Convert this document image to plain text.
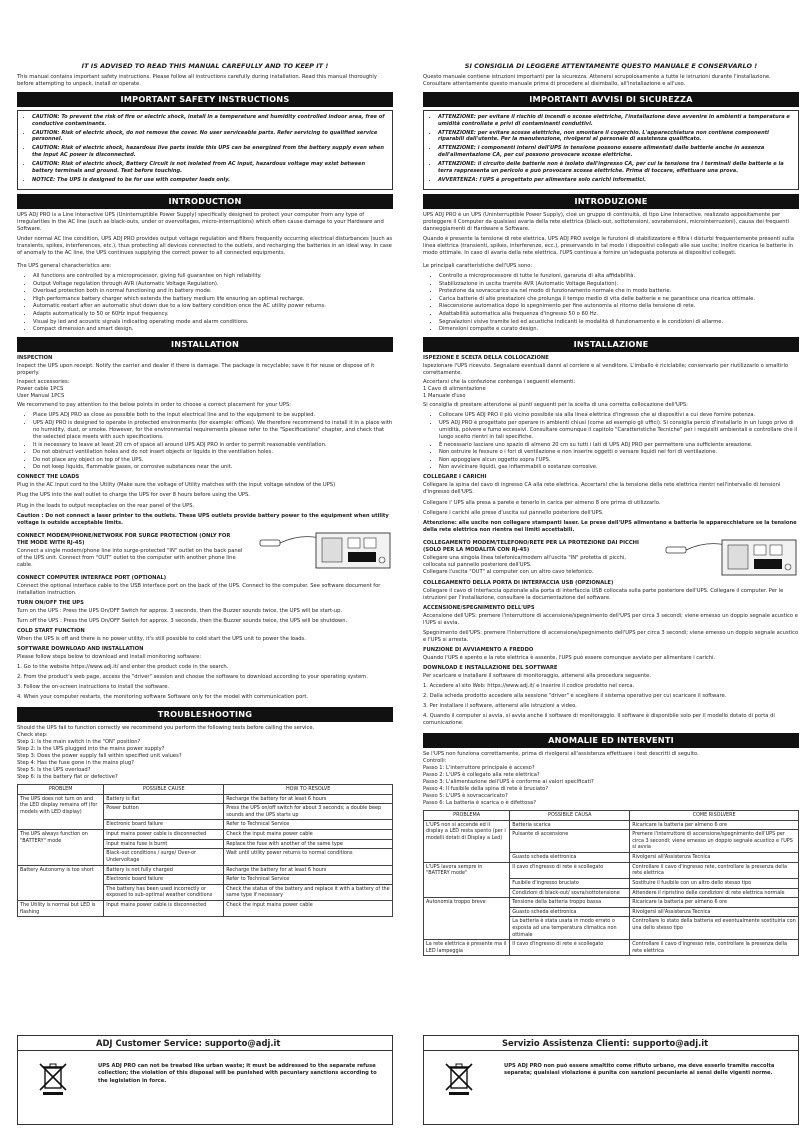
IT IS ADVISED TO READ THIS MANUAL CAREFULLY AND TO KEEP IT !
This manual contains important safety instructions. Please follow all instructions carefully during installation. Read this manual thoroughly before attempting to unpack, install or operate.
IMPORTANT SAFETY INSTRUCTIONS
• CAUTION: To prevent the risk of fire or electric shock, install in a temperature and humidity controlled indoor area, free of conductive contaminants.
• CAUTION: Risk of electric shock, do not remove the cover. No user serviceable parts. Refer servicing to qualified service personnel.
• CAUTION: Risk of electric shock, hazardous live parts inside this UPS can be energized from the battery supply even when the input AC power is disconnected.
• CAUTION: Risk of electric shock, Battery Circuit is not isolated from AC input, hazardous voltage may exist between battery terminals and ground. Test before touching.
• NOTICE: The UPS is designed to be for use with computer loads only.
INTRODUCTION
UPS ADJ PRO is a Line Interactive UPS (Uninterruptible Power Supply) specifically designed to protect your computer from any type of irregularities in the AC line (such as black-outs, under or overvoltages, micro-interruptions) which often cause damage to your Hardware and Software.
Under normal AC line condition, UPS ADJ PRO provides output voltage regulation and filters frequently occurring electrical disturbances (such as transients, spikes, interferences, etc.), thus protecting all devices connected to the outlets, and recharging the batteries in an ideal way. In case of anomaly to the AC line, the UPS continues supplying the correct power to all connected equipments.
The UPS general characteristics are:
• All functions are controlled by a microprocessor, giving full guarantee on high reliability.
• Output Voltage regulation through AVR (Automatic Voltage Regulation).
• Overload protection both in normal functioning and in battery mode.
• High performance battery charger which extends the battery medium life ensuring an optimal recharge.
• Automatic restart after an automatic shut down due to a low battery condition once the AC utility power returns.
• Adapts automatically to 50 or 60Hz input frequency.
• Visual by led and acoustic signals indicating operating mode and alarm conditions.
• Compact dimension and smart design.
INSTALLATION
INSPECTION
Inspect the UPS upon receipt. Notify the carrier and dealer if there is damage. The package is recyclable; save it for reuse or dispose of it properly.
Inspect accessories:
Power cable 1PCS
User Manual 1PCS
We recommend to pay attention to the below points in order to choose a correct placement for your UPS:
• Place UPS ADJ PRO as close as possible both to the input electrical line and to the equipment to be supplied.
• UPS ADJ PRO is designed to operate in protected environments (for example: offices). We therefore recommend to install it in a place with no humidity, dust, or smoke. However, for the environmental requirements please refer to the "Specifications" chapter, and check that the selected place meets with such specifications.
• It is necessary to leave at least 20 cm of space all around UPS ADJ PRO in order to permit reasonable ventilation.
• Do not obstruct ventilation holes and do not insert objects or liquids in the ventilation holes.
• Do not place any object on top of the UPS.
• Do not keep liquids, flammable gases, or corrosive substances near the unit.
CONNECT THE LOADS
Plug in the AC input cord to the Utility (Make sure the voltage of Utility matches with the input voltage window of the UPS)
Plug the UPS into the wall outlet to charge the UPS for over 8 hours before using the UPS.
Plug in the loads to output receptacles on the rear panel of the UPS.
Caution : Do not connect a laser printer to the outlets. These UPS outlets provide battery power to the equipment when utility voltage is outside acceptable limits.
CONNECT MODEM/PHONE/NETWORK FOR SURGE PROTECTION (ONLY FOR THE MODE WITH RJ-45)
Connect a single modem/phone line into surge-protected "IN" outlet on the back panel of the UPS unit. Connect from "OUT" outlet to the computer with another phone line cable.
CONNECT COMPUTER INTERFACE PORT (OPTIONAL)
Connect the optional interface cable to the USB interface port on the back of the UPS. Connect to the computer. See software document for installation instruction.
TURN ON/OFF THE UPS
Turn on the UPS : Press the UPS On/OFF Switch for approx. 3 seconds, then the Buzzer sounds twice, the UPS will be start-up.
Turn off the UPS : Press the UPS On/OFF Switch for approx. 3 seconds, then the Buzzer sounds twice, the UPS will be shutdown.
COLD START FUNCTION
When the UPS is off and there is no power utility, it's still possible to cold start the UPS unit to power the loads.
SOFTWARE DOWNLOAD AND INSTALLATION
Please follow steps below to download and install monitoring software:
1. Go to the website https://www.adj.it/ and enter the product code in the search.
2. From the product's web page, access the "driver" session and choose the software to download according to your operating system.
3. Follow the on-screen instructions to install the software.
4. When your computer restarts, the monitoring software Software only for the model with communication port.
TROUBLESHOOTING
Should the UPS fail to function correctly we recommend you perform the following tests before calling the service.
Check step:
Step 1: Is the main switch in the "ON" position?
Step 2: Is the UPS plugged into the mains power supply?
Step 3: Does the power supply fall within specified unit values?
Step 4: Has the fuse gone in the mains plug?
Step 5: Is the UPS overload?
Step 6: Is the battery flat or defective?
PROBLEM	POSSIBLE CAUSE	HOW TO RESOLVE
The UPS does not turn on and the LED display remains off (for models with LED display)	Battery is flat	Recharge the battery for at least 6 hours
	Power button	Press the UPS on/off switch for about 3 seconds; a double beep sounds and the UPS starts up
	Electronic board failure	Refer to Technical Service
The UPS always function on "BATTERY" mode	Input mains power cable is disconnected	Check the input mains power cable
	Input mains fuse is burnt	Replace the fuse with another of the same type
	Black-out conditions / surge/ Over-or Undervoltage	Wait until utility power returns to normal conditions
Battery Autonomy is too short	Battery is not fully charged	Recharge the battery for at least 6 hours
	Electronic board failure	Refer to Technical Service
	The battery has been used incorrectly or exposed to sub-optimal weather conditions	Check the status of the battery and replace it with a battery of the same type if necessary
The Utility is normal but LED is flashing	Input mains power cable is disconnected	Check the input mains power cable
SI CONSIGLIA DI LEGGERE ATTENTAMENTE QUESTO MANUALE E CONSERVARLO !
Questo manuale contiene istruzioni importanti per la sicurezza. Attenersi scrupolosamente a tutte le istruzioni durante l'installazione. Consultare attentamente questo manuale prima di procedere al disimballo, all'installazione e all'uso.
IMPORTANTI AVVISI DI SICUREZZA
• ATTENZIONE: per evitare il rischio di incendi o scosse elettriche, l'installazione deve avvenire in ambienti a temperatura e umidità controllate e privi di contaminanti conduttivi.
• ATTENZIONE: per evitare scosse elettriche, non smontare il coperchio. L'apparecchiatura non contiene componenti riparabili dall'utente. Per la manutenzione, rivolgersi al personale di assistenza qualificato.
• ATTENZIONE: i componenti interni dell'UPS in tensione possono essere alimentati dalle batterie anche in assenza dell'alimentazione CA, per cui possono provocare scosse elettriche.
• ATTENZIONE: il circuito delle batterie non è isolato dall'ingresso CA, per cui la tensione tra i terminali delle batterie e la terra rappresenta un pericolo e può provocare scosse elettriche. Prima di toccare, effettuare una prova.
• AVVERTENZA: l'UPS è progettato per alimentare solo carichi informatici.
INTRODUZIONE
UPS ADJ PRO è un UPS (Uninterruptible Power Supply), cioè un gruppo di continuità, di tipo Line Interactive, realizzato appositamente per proteggere il Computer da qualsiasi avaria della rete elettrica (black-out, sottotensioni, sovratensioni, microinterruzioni), causa dei frequenti danneggiamenti di Hardware e Software.
Quando è presente la tensione di rete elettrica, UPS ADJ PRO svolge le funzioni di stabilizzatore e filtra i disturbi frequentemente presenti sulla linea elettrica (transienti, spikes, interferenze, ecc.), preservando in tal modo i dispositivi collegati alle sue uscite; inoltre ricarica le batterie in modo ottimale. In caso di avaria della rete elettrica, l'UPS continua a fornire un'adeguata potenza ai dispositivi collegati.
Le principali caratteristiche dell'UPS sono:
• Controllo a microprocessore di tutte le funzioni, garanzia di alta affidabilità.
• Stabilizzazione in uscita tramite AVR (Automatic Voltage Regulation).
• Protezione da sovraccarico sia nel modo di funzionamento normale che in modo batterie.
• Carica batterie di alte prestazioni che prolunga il tempo medio di vita delle batterie e ne garantisce una ricarica ottimale.
• Riaccensione automatica dopo lo spegnimento per fine autonomia al ritorno della tensione di rete.
• Adattabilità automatica alla frequenza d'ingresso 50 o 60 Hz.
• Segnalazioni visive tramite led ed acustiche indicanti le modalità di funzionamento e le condizioni di allarme.
• Dimensioni compatte e curato design.
INSTALLAZIONE
ISPEZIONE E SCELTA DELLA COLLOCAZIONE
Ispezionare l'UPS ricevuto. Segnalare eventuali danni al corriere e al venditore. L'imballo è riciclabile; conservarlo per riutilizzarlo o smaltirlo correttamente.
Accertarsi che la confezione contenga i seguenti elementi:
1 Cavo di alimentazione
1 Manuale d'uso
Si consiglia di prestare attenzione ai punti seguenti per la scelta di una corretta collocazione dell'UPS:
• Collocare UPS ADJ PRO il più vicino possibile sia alla linea elettrica d'ingresso che ai dispositivi a cui deve fornire potenza.
• UPS ADJ PRO è progettato per operare in ambienti chiusi (come ad esempio gli uffici). Si consiglia perciò d'installarlo in un luogo privo di umidità, polvere e fumo eccessivi. Consultare comunque il capitolo "Caratteristiche Tecniche" per i requisiti ambientali e controllare che il luogo scelto rientri in tali specifiche.
• È necessario lasciare uno spazio di almeno 20 cm su tutti i lati di UPS ADJ PRO per permettere una sufficiente areazione.
• Non ostruire le fessure o i fori di ventilazione e non inserire oggetti o versare liquidi nei fori di ventilazione.
• Non appoggiare alcun oggetto sopra l'UPS.
• Non avvicinare liquidi, gas infiammabili o sostanze corrosive.
COLLEGARE I CARICHI
Collegare la spina del cavo di ingresso CA alla rete elettrica. Accertarsi che la tensione della rete elettrica rientri nell'intervallo di tensioni d'ingresso dell'UPS.
Collegare l' UPS alla presa a parete e tenerlo in carica per almeno 8 ore prima di utilizzarlo.
Collegare i carichi alle prese d'uscita sul pannello posteriore dell'UPS.
Attenzione: alle uscite non collegare stampanti laser. Le prese dell'UPS alimentano a batteria le apparecchiature se la tensione della rete elettrica non rientra nei limiti accettabili.
COLLEGAMENTO MODEM/TELEFONO/RETE PER LA PROTEZIONE DAI PICCHI (SOLO PER LA MODALITÀ CON RJ-45)
Collegare una singola linea telefonica/modem all'uscita "IN" protetta di picchi,
collocata sul pannello posteriore dell'UPS.
Collegare l'uscita "OUT" al computer con un altro cavo telefonico.
COLLEGAMENTO DELLA PORTA DI INTERFACCIA USB (OPZIONALE)
Collegare il cavo di interfaccia opzionale alla porta di interfaccia USB collocata sulla parte posteriore dell'UPS. Collegare il computer. Per le istruzioni per l'installazione, consultare la documentazione del software.
ACCENSIONE/SPEGNIMENTO DELL'UPS
Accensione dell'UPS: premere l'interruttore di accensione/spegnimento dell'UPS per circa 3 secondi; viene emesso un doppio segnale acustico e l'UPS si avvia.
Spegnimento dell'UPS: premere l'interruttore di accensione/spegnimento dell'UPS per circa 3 secondi; viene emesso un doppio segnale acustico e l'UPS si arresta.
FUNZIONE DI AVVIAMENTO A FREDDO
Quando l'UPS è spento e la rete elettrica è assente, l'UPS può essere comunque avviato per alimentare i carichi.
DOWNLOAD E INSTALLAZIONE DEL SOFTWARE
Per scaricare e installare il software di monitoraggio, attenersi alla procedura seguente.
1. Accedere al sito Web: https://www.adj.it/ e inserire il codice prodotto nel cerca.
2. Dalla scheda prodotto accedere alla sessione "driver" e scegliere il sistema operativo per cui scaricare il software.
3. Per installare il software, attenersi alle istruzioni a video.
4. Quando il computer si avvia, si avvia anche il software di monitoraggio. Il software è disponibile solo per il modello dotato di porta di comunicazione.
ANOMALIE ED INTERVENTI
Se l'UPS non funziona correttamente, prima di rivolgersi all'assistenza effettuare i test descritti di seguito.
Controlli:
Passo 1: L'interruttore principale è acceso?
Passo 2: L'UPS è collegato alla rete elettrica?
Passo 3: L'alimentazione dell'UPS è conforme ai valori specificati?
Passo 4: Il fusibile della spina di rete è bruciato?
Passo 5: L'UPS è sovraccaricato?
Passo 6: La batteria è scarica o è difettosa?
PROBLEMA	POSSIBILE CAUSA	COME RISOLVERE
L'UPS non si accende ed il display a LED resta spento (per i modelli dotati di Display a Led)	Batteria scarica	Ricaricare la batteria per almeno 6 ore
	Pulsante di accensione	Premere l'interruttore di accensione/spegnimento dell'UPS per circa 3 secondi; viene emesso un doppio segnale acustico e l'UPS si avvia
	Guasto scheda elettronica	Rivolgersi all'Assistenza Tecnica
L'UPS lavora sempre in "BATTERY mode"	Il cavo d'ingresso di rete è scollegato	Controllare il cavo d'ingresso rete, controllare la presenza della rete elettrica
	Fusibile d'ingresso bruciato	Sostituire il fusibile con un altro dello stesso tipo
	Condizioni di black-out/ sovra/sottotensione	Attendere il ripristino delle condizioni di rete elettrica normale
Autonomia troppo breve	Tensione della batteria troppo bassa	Ricaricare la batteria per almeno 6 ore
	Guasto scheda elettronica	Rivolgersi all'Assistenza Tecnica
	La batteria è stata usata in modo errato o esposta ad una temperatura climatica non ottimale	Controllare lo stato della batteria ed eventualmente sostituirla con una dello stesso tipo
La rete elettrica è presente ma il LED lampeggia	Il cavo d'ingresso di rete è scollegato	Controllare il cavo d'ingresso rete, controllare la presenza della rete elettrica
ADJ Customer Service: supporto@adj.it
UPS ADJ PRO can not be treated like urban waste; it must be addressed to the separate refuse collection; the violation of this disposal will be punished with pecuniary sanctions according to the legislation in force.
Servizio Assistenza Clienti: supporto@adj.it
UPS ADJ PRO non può essere smaltito come rifiuto urbano, ma deve esserlo tramite raccolta separata; qualsiasi violazione è punita con sanzioni pecuniarie ai sensi delle vigenti norme.
